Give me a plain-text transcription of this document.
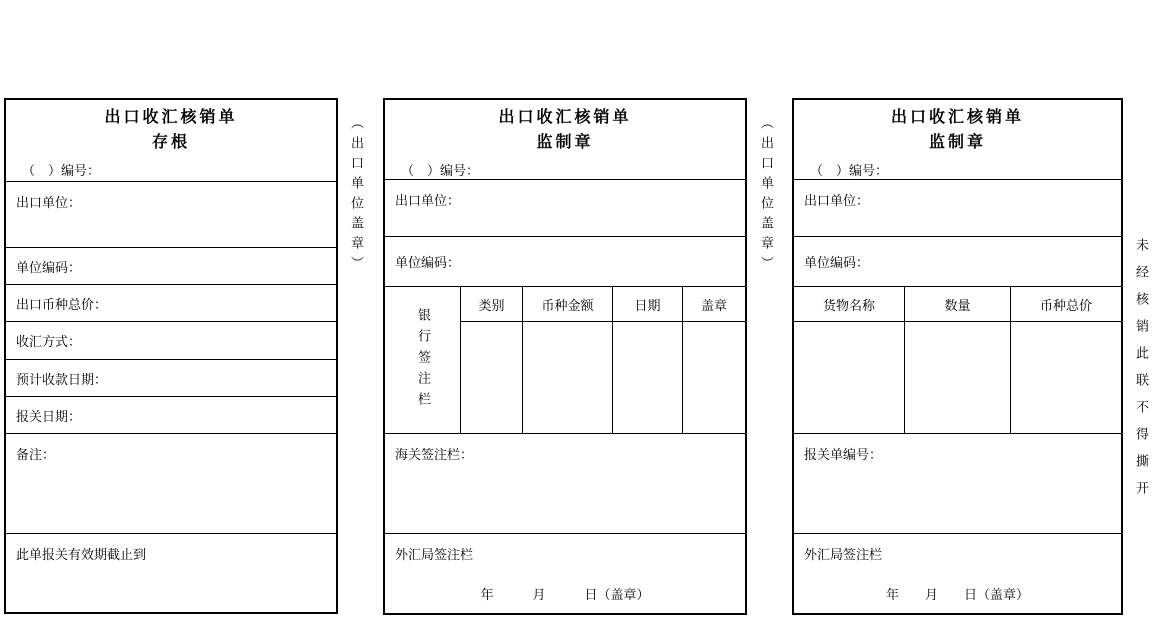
出口收汇核销单
存根
（　）编号：
出口单位：
单位编码：
出口币种总价：
收汇方式：
预计收款日期：
报关日期：
备注：
此单报关有效期截止到
（出口单位盖章）	出口收汇核销单
监制章
（　）编号：
出口单位：
单位编码：
银行签注栏
类别	币种金额	日期	盖章
海关签注栏：
外汇局签注栏
年　　　月　　　日（盖章）
（出口单位盖章）	出口收汇核销单
监制章
（　）编号：
出口单位：
单位编码：
货物名称	数量	币种总价
报关单编号：
外汇局签注栏
年　　月　　日（盖章）
未经核销此联不得撕开
